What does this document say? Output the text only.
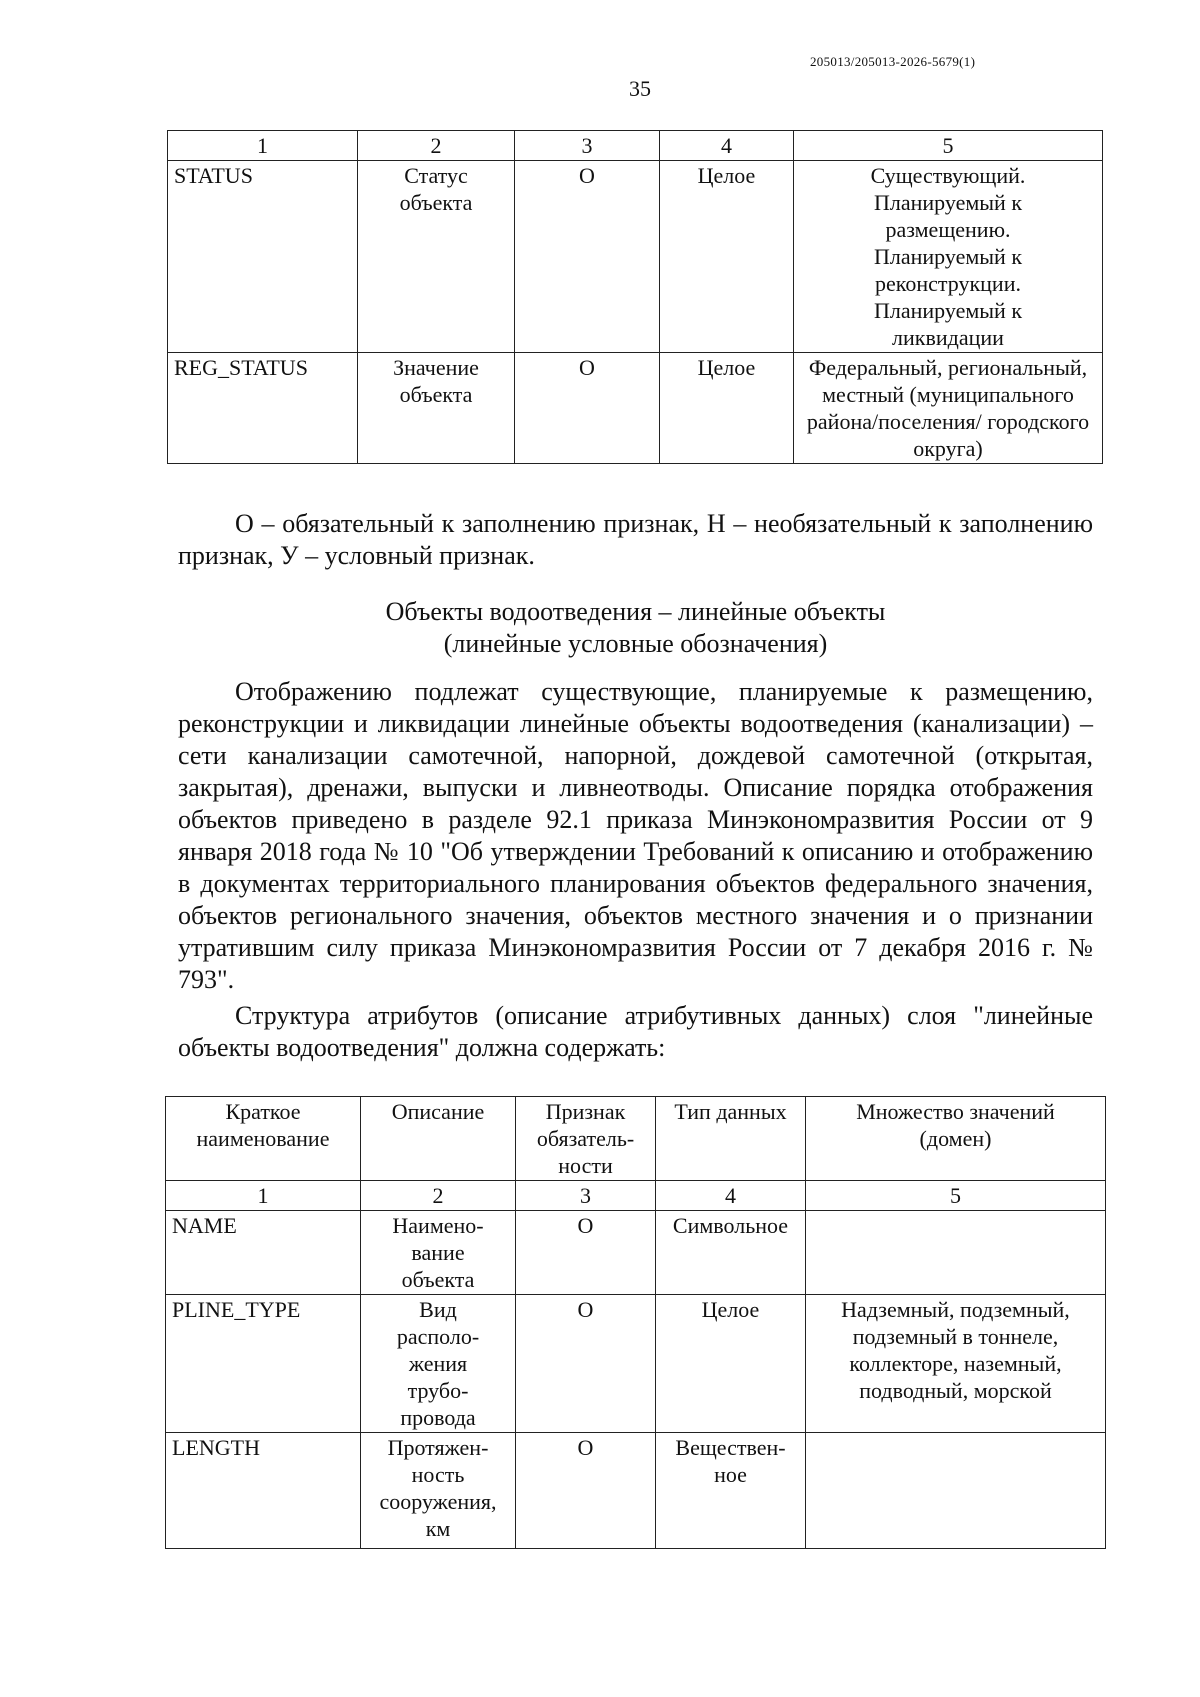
205013/205013-2026-5679(1)
35
1	2	3	4	5
STATUS	Статус объекта	О	Целое	Существующий. Планируемый к размещению. Планируемый к реконструкции. Планируемый к ликвидации
REG_STATUS	Значение объекта	О	Целое	Федеральный, региональный, местный (муниципального района/поселения/ городского округа)
О – обязательный к заполнению признак, Н – необязательный к заполнению признак, У – условный признак.
Объекты водоотведения – линейные объекты
(линейные условные обозначения)
Отображению подлежат существующие, планируемые к размещению, реконструкции и ликвидации линейные объекты водоотведения (канализации) – сети канализации самотечной, напорной, дождевой самотечной (открытая, закрытая), дренажи, выпуски и ливнеотводы. Описание порядка отображения объектов приведено в разделе 92.1 приказа Минэкономразвития России от 9 января 2018 года № 10 "Об утверждении Требований к описанию и отображению в документах территориального планирования объектов федерального значения, объектов регионального значения, объектов местного значения и о признании утратившим силу приказа Минэкономразвития России от 7 декабря 2016 г. № 793".
Структура атрибутов (описание атрибутивных данных) слоя "линейные объекты водоотведения" должна содержать:
Краткое наименование	Описание	Признак обязатель-ности	Тип данных	Множество значений (домен)
1	2	3	4	5
NAME	Наимено-вание объекта	О	Символьное	
PLINE_TYPE	Вид располо-жения трубо-провода	О	Целое	Надземный, подземный, подземный в тоннеле, коллекторе, наземный, подводный, морской
LENGTH	Протяжен-ность сооружения, км	О	Веществен-ное	
